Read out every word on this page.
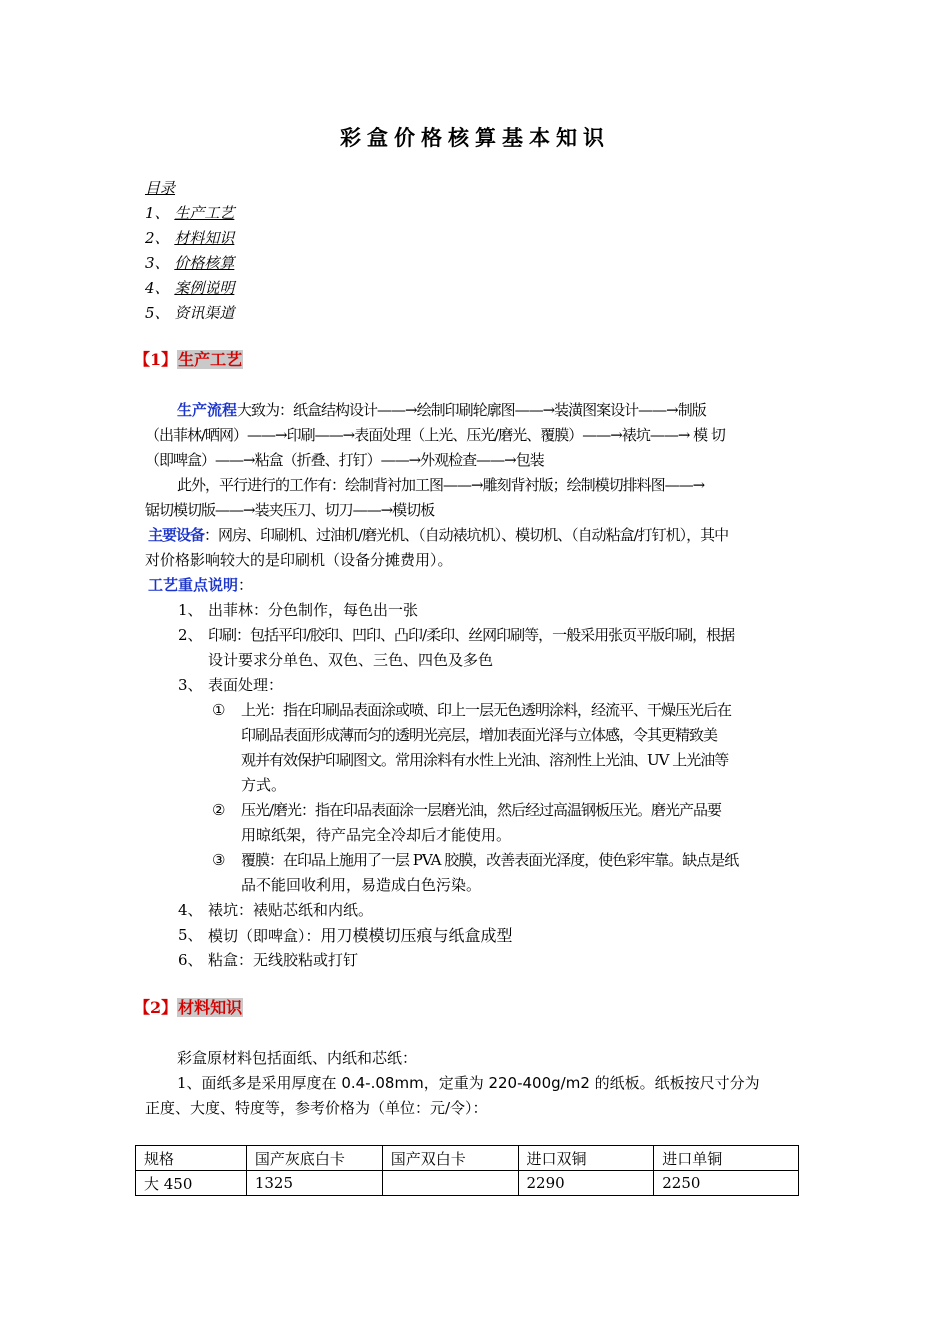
彩盒价格核算基本知识
目录
1、 生产工艺
2、 材料知识
3、 价格核算
4、 案例说明
5、 资讯渠道
【1】生产工艺
生产流程大致为：纸盒结构设计——→绘制印刷轮廓图——→装潢图案设计——→制版
（出菲林/晒网）——→印刷——→表面处理（上光、压光/磨光、覆膜）——→裱坑——→ 模 切
（即啤盒）——→粘盒（折叠、打钉）——→外观检查——→包装
此外，平行进行的工作有：绘制背衬加工图——→雕刻背衬版；绘制模切排料图——→
锯切模切版——→装夹压刀、切刀——→模切板
主要设备：网房、印刷机、过油机/磨光机、（自动裱坑机）、模切机、（自动粘盒/打钉机），其中
对价格影响较大的是印刷机（设备分摊费用）。
工艺重点说明：
1、 出菲林：分色制作，每色出一张
2、 印刷：包括平印/胶印、凹印、凸印/柔印、丝网印刷等，一般采用张页平版印刷，根据
设计要求分单色、双色、三色、四色及多色
3、 表面处理：
① 上光：指在印刷品表面涂或喷、印上一层无色透明涂料，经流平、干燥压光后在
印刷品表面形成薄而匀的透明光亮层，增加表面光泽与立体感，令其更精致美
观并有效保护印刷图文。常用涂料有水性上光油、溶剂性上光油、UV 上光油等
方式。
② 压光/磨光：指在印品表面涂一层磨光油，然后经过高温钢板压光。磨光产品要
用晾纸架，待产品完全冷却后才能使用。
③ 覆膜：在印品上施用了一层 PVA 胶膜，改善表面光泽度，使色彩牢靠。缺点是纸
品不能回收利用，易造成白色污染。
4、 裱坑：裱贴芯纸和内纸。
5、 模切（即啤盒）：用刀模模切压痕与纸盒成型
6、 粘盒：无线胶粘或打钉
【2】材料知识
彩盒原材料包括面纸、内纸和芯纸：
1、面纸多是采用厚度在 0.4-.08mm，定重为 220-400g/m2 的纸板。纸板按尺寸分为
正度、大度、特度等，参考价格为（单位：元/令）：
规格	国产灰底白卡	国产双白卡	进口双铜	进口单铜
大 450	1325		2290	2250
